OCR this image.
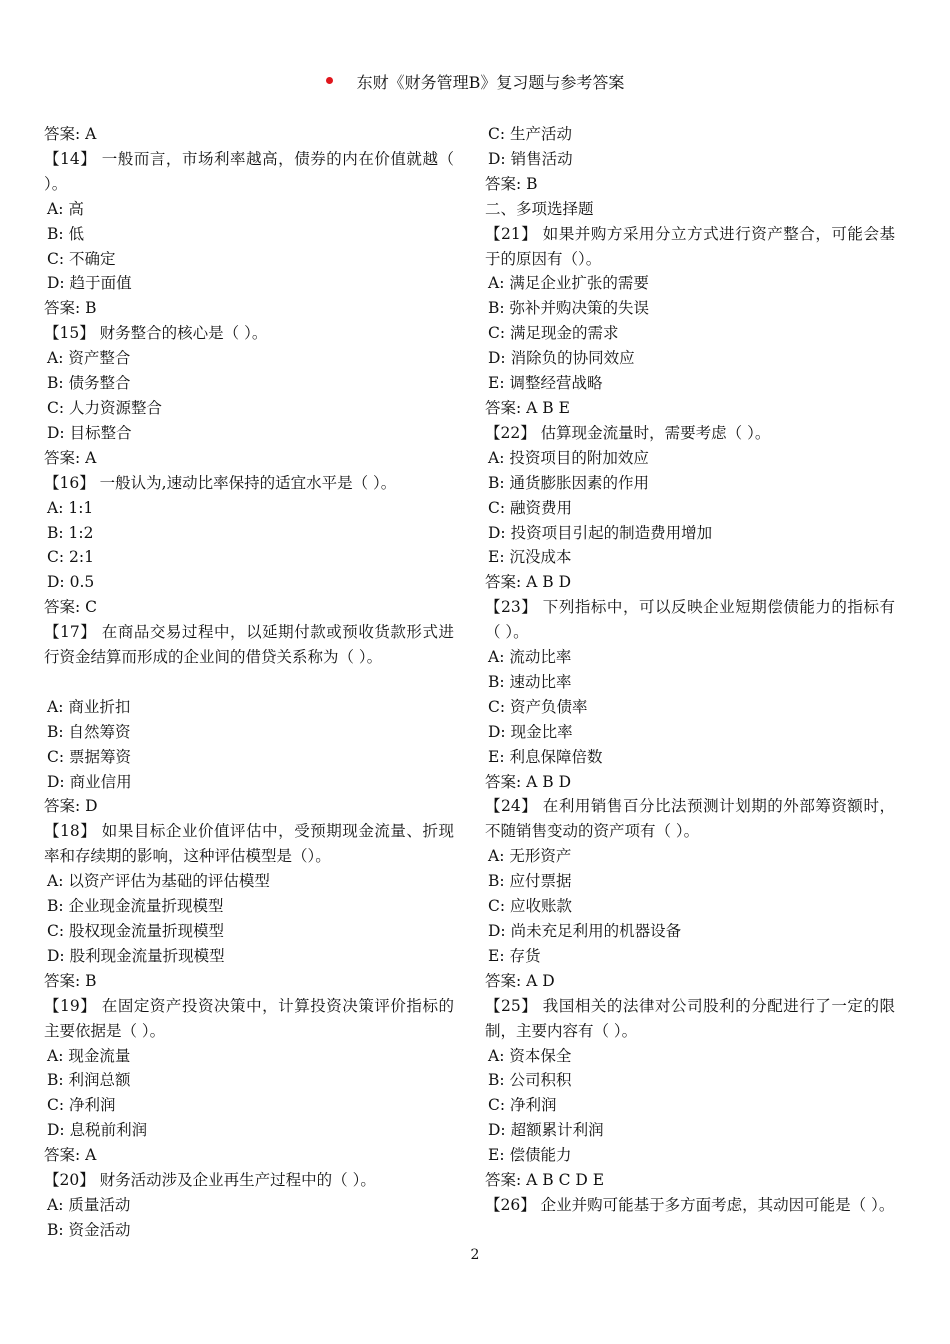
东财《财务管理B》复习题与参考答案
答案: A
【14】 一般而言，市场利率越高，债券的内在价值就越（ ）。
A: 高
B: 低
C: 不确定
D: 趋于面值
答案: B
【15】 财务整合的核心是（ ）。
A: 资产整合
B: 债务整合
C: 人力资源整合
D: 目标整合
答案: A
【16】 一般认为,速动比率保持的适宜水平是（ ）。
A: 1:1
B: 1:2
C: 2:1
D: 0.5
答案: C
【17】 在商品交易过程中，以延期付款或预收货款形式进行资金结算而形成的企业间的借贷关系称为（ ）。
A: 商业折扣
B: 自然筹资
C: 票据筹资
D: 商业信用
答案: D
【18】 如果目标企业价值评估中，受预期现金流量、折现率和存续期的影响，这种评估模型是（）。
A: 以资产评估为基础的评估模型
B: 企业现金流量折现模型
C: 股权现金流量折现模型
D: 股利现金流量折现模型
答案: B
【19】 在固定资产投资决策中，计算投资决策评价指标的主要依据是（ ）。
A: 现金流量
B: 利润总额
C: 净利润
D: 息税前利润
答案: A
【20】 财务活动涉及企业再生产过程中的（ ）。
A: 质量活动
B: 资金活动
C: 生产活动
D: 销售活动
答案: B
二、多项选择题
【21】 如果并购方采用分立方式进行资产整合，可能会基于的原因有（）。
A: 满足企业扩张的需要
B: 弥补并购决策的失误
C: 满足现金的需求
D: 消除负的协同效应
E: 调整经营战略
答案: A B E
【22】 估算现金流量时，需要考虑（ ）。
A: 投资项目的附加效应
B: 通货膨胀因素的作用
C: 融资费用
D: 投资项目引起的制造费用增加
E: 沉没成本
答案: A B D
【23】 下列指标中，可以反映企业短期偿债能力的指标有（ ）。
A: 流动比率
B: 速动比率
C: 资产负债率
D: 现金比率
E: 利息保障倍数
答案: A B D
【24】 在利用销售百分比法预测计划期的外部筹资额时，不随销售变动的资产项有（ ）。
A: 无形资产
B: 应付票据
C: 应收账款
D: 尚未充足利用的机器设备
E: 存货
答案: A D
【25】 我国相关的法律对公司股利的分配进行了一定的限制，主要内容有（ ）。
A: 资本保全
B: 公司积积
C: 净利润
D: 超额累计利润
E: 偿债能力
答案: A B C D E
【26】 企业并购可能基于多方面考虑，其动因可能是（ ）。
2
